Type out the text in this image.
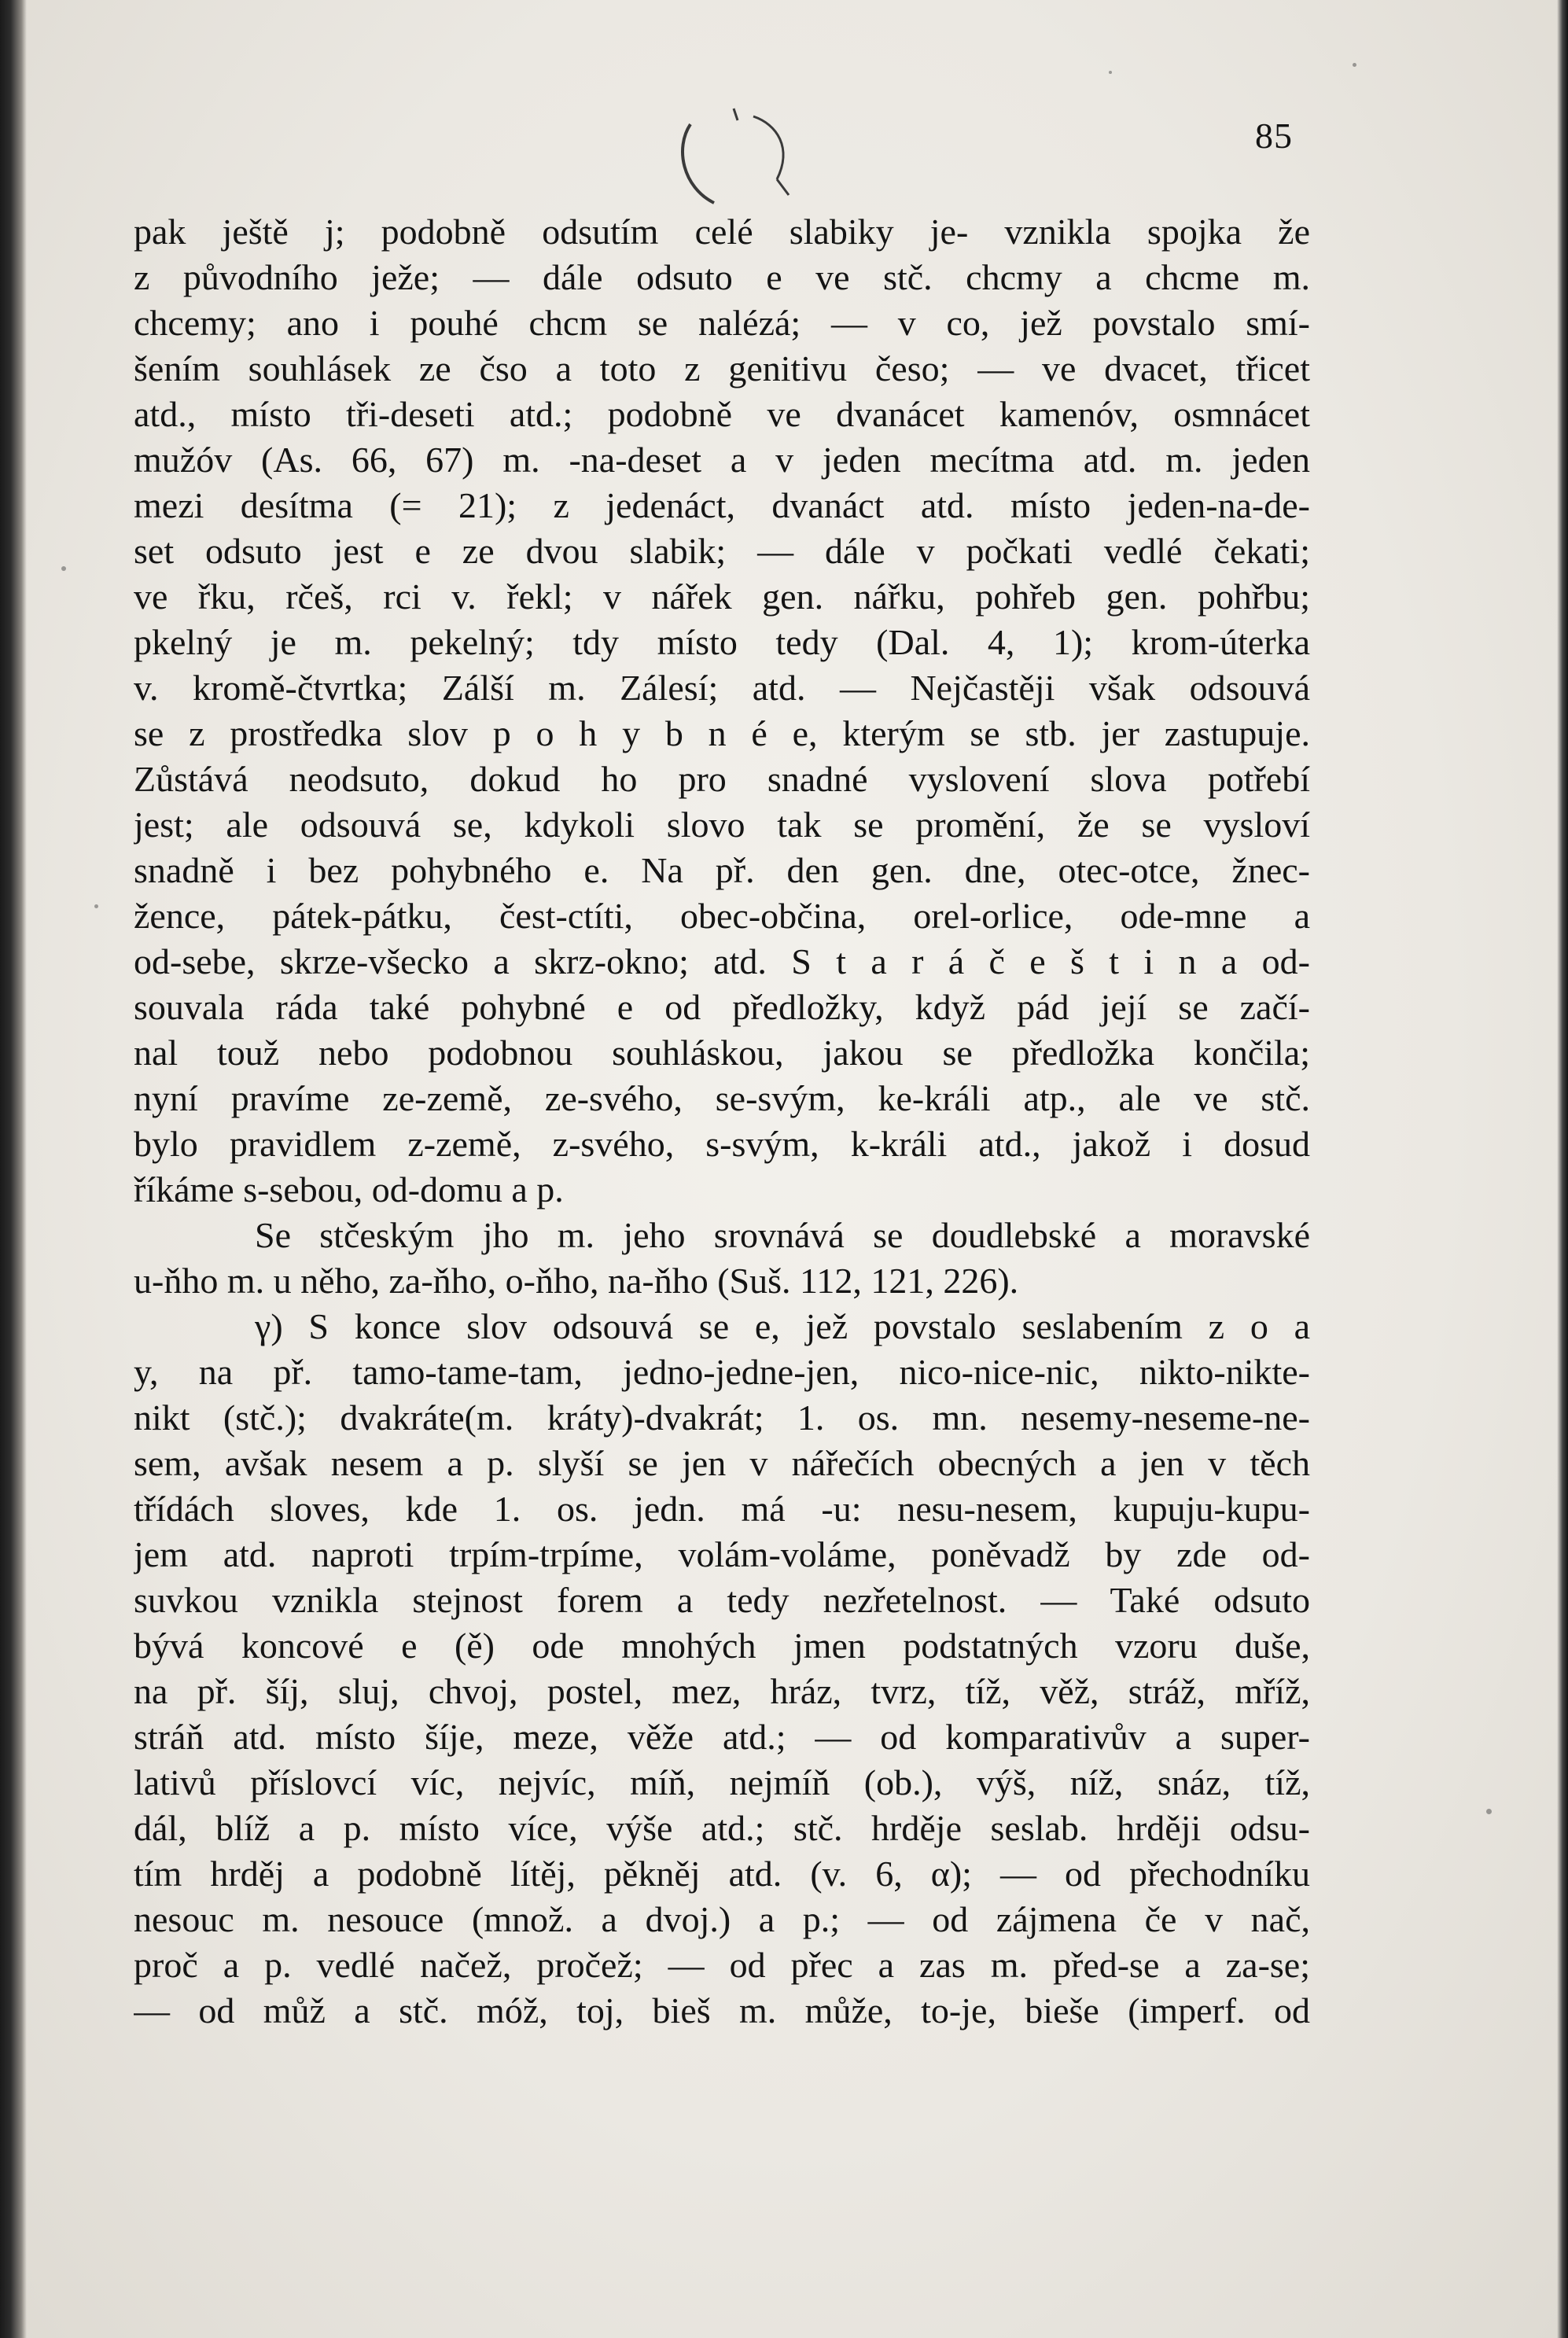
85
pak ještě j; podobně odsutím celé slabiky je- vznikla spojka že
z původního ježe; — dále odsuto e ve stč. chcmy a chcme m.
chcemy; ano i pouhé chcm se nalézá; — v co, jež povstalo smí-
šením souhlásek ze čso a toto z genitivu česo; — ve dvacet, třicet
atd., místo tři-deseti atd.; podobně ve dvanácet kamenóv, osmnácet
mužóv (As. 66, 67) m. -na-deset a v jeden mecítma atd. m. jeden
mezi desítma (= 21); z jedenáct, dvanáct atd. místo jeden-na-de-
set odsuto jest e ze dvou slabik; — dále v počkati vedlé čekati;
ve řku, rčeš, rci v. řekl; v nářek gen. nářku, pohřeb gen. pohřbu;
pkelný je m. pekelný; tdy místo tedy (Dal. 4, 1); krom-úterka
v. kromě-čtvrtka; Zálší m. Zálesí; atd. — Nejčastěji však odsouvá
se z prostředka slov p o h y b n é e, kterým se stb. jer zastupuje.
Zůstává neodsuto, dokud ho pro snadné vyslovení slova potřebí
jest; ale odsouvá se, kdykoli slovo tak se promění, že se vysloví
snadně i bez pohybného e. Na př. den gen. dne, otec-otce, žnec-
žence, pátek-pátku, čest-ctíti, obec-občina, orel-orlice, ode-mne a
od-sebe, skrze-všecko a skrz-okno; atd. S t a r á č e š t i n a od-
souvala ráda také pohybné e od předložky, když pád její se začí-
nal touž nebo podobnou souhláskou, jakou se předložka končila;
nyní pravíme ze-země, ze-svého, se-svým, ke-králi atp., ale ve stč.
bylo pravidlem z-země, z-svého, s-svým, k-králi atd., jakož i dosud
říkáme s-sebou, od-domu a p.
Se stčeským jho m. jeho srovnává se doudlebské a moravské
u-ňho m. u něho, za-ňho, o-ňho, na-ňho (Suš. 112, 121, 226).
γ) S konce slov odsouvá se e, jež povstalo seslabením z o a
y, na př. tamo-tame-tam, jedno-jedne-jen, nico-nice-nic, nikto-nikte-
nikt (stč.); dvakráte(m. kráty)-dvakrát; 1. os. mn. nesemy-neseme-ne-
sem, avšak nesem a p. slyší se jen v nářečích obecných a jen v těch
třídách sloves, kde 1. os. jedn. má -u: nesu-nesem, kupuju-kupu-
jem atd. naproti trpím-trpíme, volám-voláme, poněvadž by zde od-
suvkou vznikla stejnost forem a tedy nezřetelnost. — Také odsuto
bývá koncové e (ě) ode mnohých jmen podstatných vzoru duše,
na př. šíj, sluj, chvoj, postel, mez, hráz, tvrz, tíž, věž, stráž, mříž,
stráň atd. místo šíje, meze, věže atd.; — od komparativův a super-
lativů příslovcí víc, nejvíc, míň, nejmíň (ob.), výš, níž, snáz, tíž,
dál, blíž a p. místo více, výše atd.; stč. hrdějе seslab. hrději odsu-
tím hrděj a podobně lítěj, pěkněj atd. (v. 6, α); — od přechodníku
nesouc m. nesouce (množ. a dvoj.) a p.; — od zájmena če v nač,
proč a p. vedlé načež, pročež; — od přec a zas m. před-se a za-se;
— od můž a stč. móž, toj, bieš m. může, to-je, bieše (imperf. od
